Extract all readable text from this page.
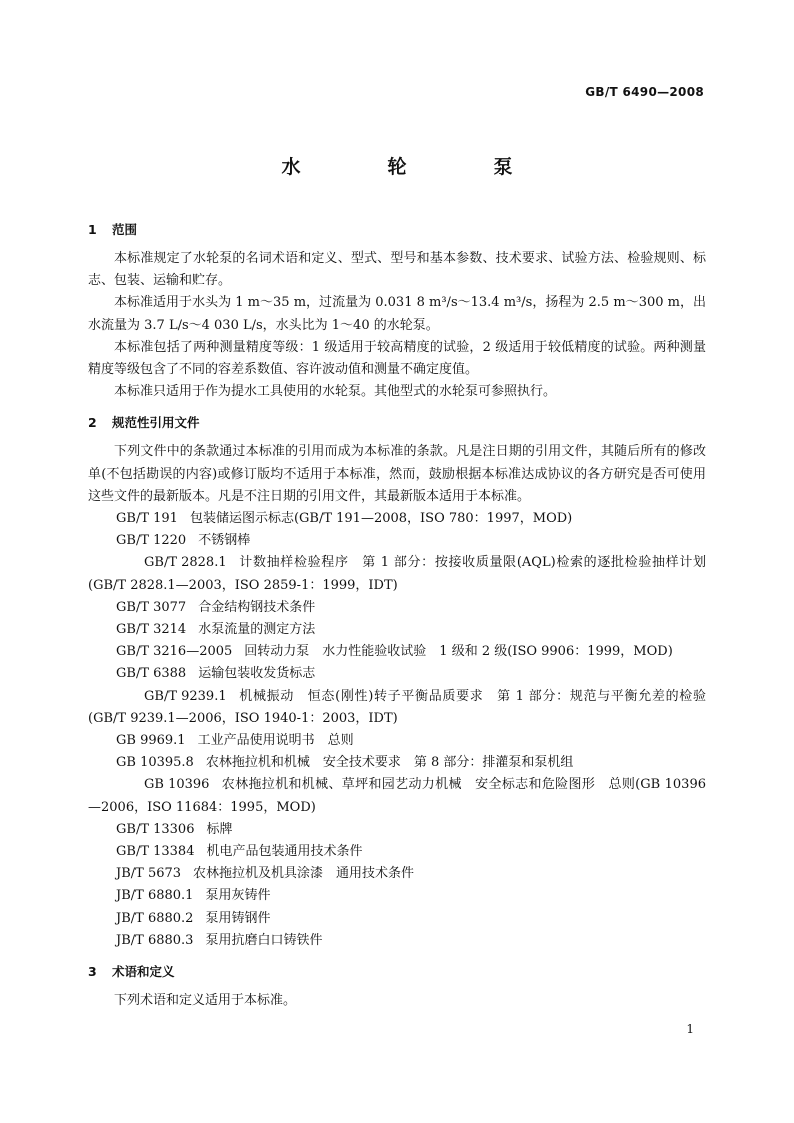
GB/T 6490—2008
水　轮　泵
1 范围

本标准规定了水轮泵的名词术语和定义、型式、型号和基本参数、技术要求、试验方法、检验规则、标志、包装、运输和贮存。

本标准适用于水头为 1 m～35 m，过流量为 0.031 8 m³/s～13.4 m³/s，扬程为 2.5 m～300 m，出水流量为 3.7 L/s～4 030 L/s，水头比为 1～40 的水轮泵。

本标准包括了两种测量精度等级：1 级适用于较高精度的试验，2 级适用于较低精度的试验。两种测量精度等级包含了不同的容差系数值、容许波动值和测量不确定度值。

本标准只适用于作为提水工具使用的水轮泵。其他型式的水轮泵可参照执行。

2 规范性引用文件

下列文件中的条款通过本标准的引用而成为本标准的条款。凡是注日期的引用文件，其随后所有的修改单(不包括勘误的内容)或修订版均不适用于本标准，然而，鼓励根据本标准达成协议的各方研究是否可使用这些文件的最新版本。凡是不注日期的引用文件，其最新版本适用于本标准。

GB/T 191 包装储运图示标志(GB/T 191—2008，ISO 780：1997，MOD)

GB/T 1220 不锈钢棒

GB/T 2828.1 计数抽样检验程序　第 1 部分：按接收质量限(AQL)检索的逐批检验抽样计划(GB/T 2828.1—2003，ISO 2859-1：1999，IDT)

GB/T 3077 合金结构钢技术条件

GB/T 3214 水泵流量的测定方法

GB/T 3216—2005 回转动力泵　水力性能验收试验　1 级和 2 级(ISO 9906：1999，MOD)

GB/T 6388 运输包装收发货标志

GB/T 9239.1 机械振动　恒态(刚性)转子平衡品质要求　第 1 部分：规范与平衡允差的检验(GB/T 9239.1—2006，ISO 1940-1：2003，IDT)

GB 9969.1 工业产品使用说明书　总则

GB 10395.8 农林拖拉机和机械　安全技术要求　第 8 部分：排灌泵和泵机组

GB 10396 农林拖拉机和机械、草坪和园艺动力机械　安全标志和危险图形　总则(GB 10396—2006，ISO 11684：1995，MOD)

GB/T 13306 标牌

GB/T 13384 机电产品包装通用技术条件

JB/T 5673 农林拖拉机及机具涂漆　通用技术条件

JB/T 6880.1 泵用灰铸件

JB/T 6880.2 泵用铸钢件

JB/T 6880.3 泵用抗磨白口铸铁件

3 术语和定义

下列术语和定义适用于本标准。

1
